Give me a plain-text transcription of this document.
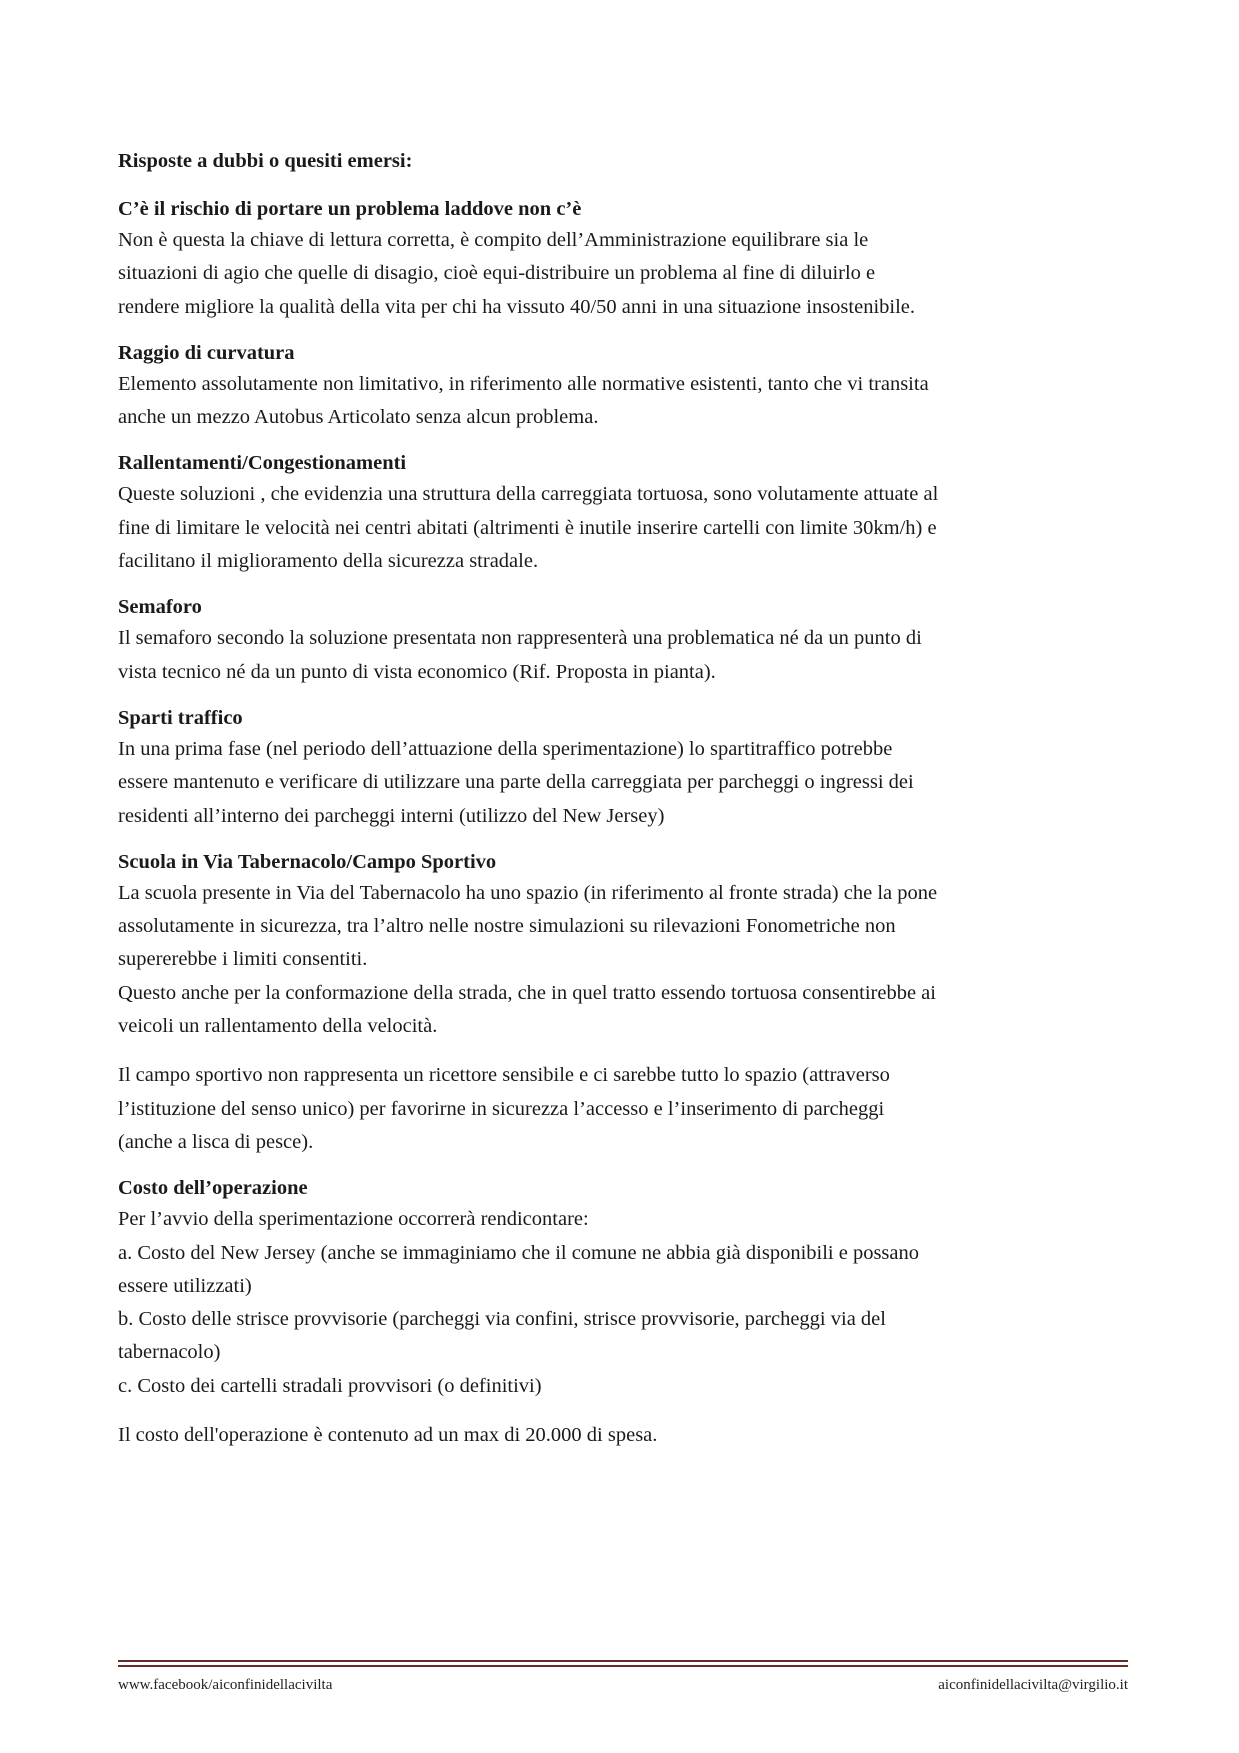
Risposte a dubbi o quesiti emersi:

C’è il rischio di portare un problema laddove non c’è

Non è questa la chiave di lettura corretta, è compito dell’Amministrazione equilibrare sia le

situazioni di agio che quelle di disagio, cioè equi-distribuire un problema al fine di diluirlo e

rendere migliore la qualità della vita per chi ha vissuto 40/50 anni in una situazione insostenibile.

Raggio di curvatura

Elemento assolutamente non limitativo, in riferimento alle normative esistenti, tanto che vi transita

anche un mezzo Autobus Articolato senza alcun problema.

Rallentamenti/Congestionamenti

Queste soluzioni , che evidenzia una struttura della carreggiata tortuosa, sono volutamente attuate al

fine di limitare le velocità nei centri abitati (altrimenti è inutile inserire cartelli con limite 30km/h) e

facilitano il miglioramento della sicurezza stradale.

Semaforo

Il semaforo secondo la soluzione presentata non rappresenterà una problematica né da un punto di

vista tecnico né da un punto di vista economico (Rif. Proposta in pianta).

Sparti traffico

In una prima fase (nel periodo dell’attuazione della sperimentazione) lo spartitraffico potrebbe

essere mantenuto e verificare di utilizzare una parte della carreggiata per parcheggi o ingressi dei

residenti all’interno dei parcheggi interni (utilizzo del New Jersey)

Scuola in Via Tabernacolo/Campo Sportivo

La scuola presente in Via del Tabernacolo ha uno spazio (in riferimento al fronte strada) che la pone

assolutamente in sicurezza, tra l’altro nelle nostre simulazioni su rilevazioni Fonometriche non

supererebbe i limiti consentiti.

Questo anche per la conformazione della strada, che in quel tratto essendo tortuosa consentirebbe ai

veicoli un rallentamento della velocità.

Il campo sportivo non rappresenta un ricettore sensibile e ci sarebbe tutto lo spazio (attraverso

l’istituzione del senso unico) per favorirne in sicurezza l’accesso e l’inserimento di parcheggi

(anche a lisca di pesce).

Costo dell’operazione

Per l’avvio della sperimentazione occorrerà rendicontare:

a. Costo del New Jersey (anche se immaginiamo che il comune ne abbia già disponibili e possano

essere utilizzati)

b. Costo delle strisce provvisorie (parcheggi via confini, strisce provvisorie, parcheggi via del

tabernacolo)

c. Costo dei cartelli stradali provvisori (o definitivi)

Il costo dell'operazione è contenuto ad un max di 20.000 di spesa.

www.facebook/aiconfinidellacivilta	aiconfinidellacivilta@virgilio.it
